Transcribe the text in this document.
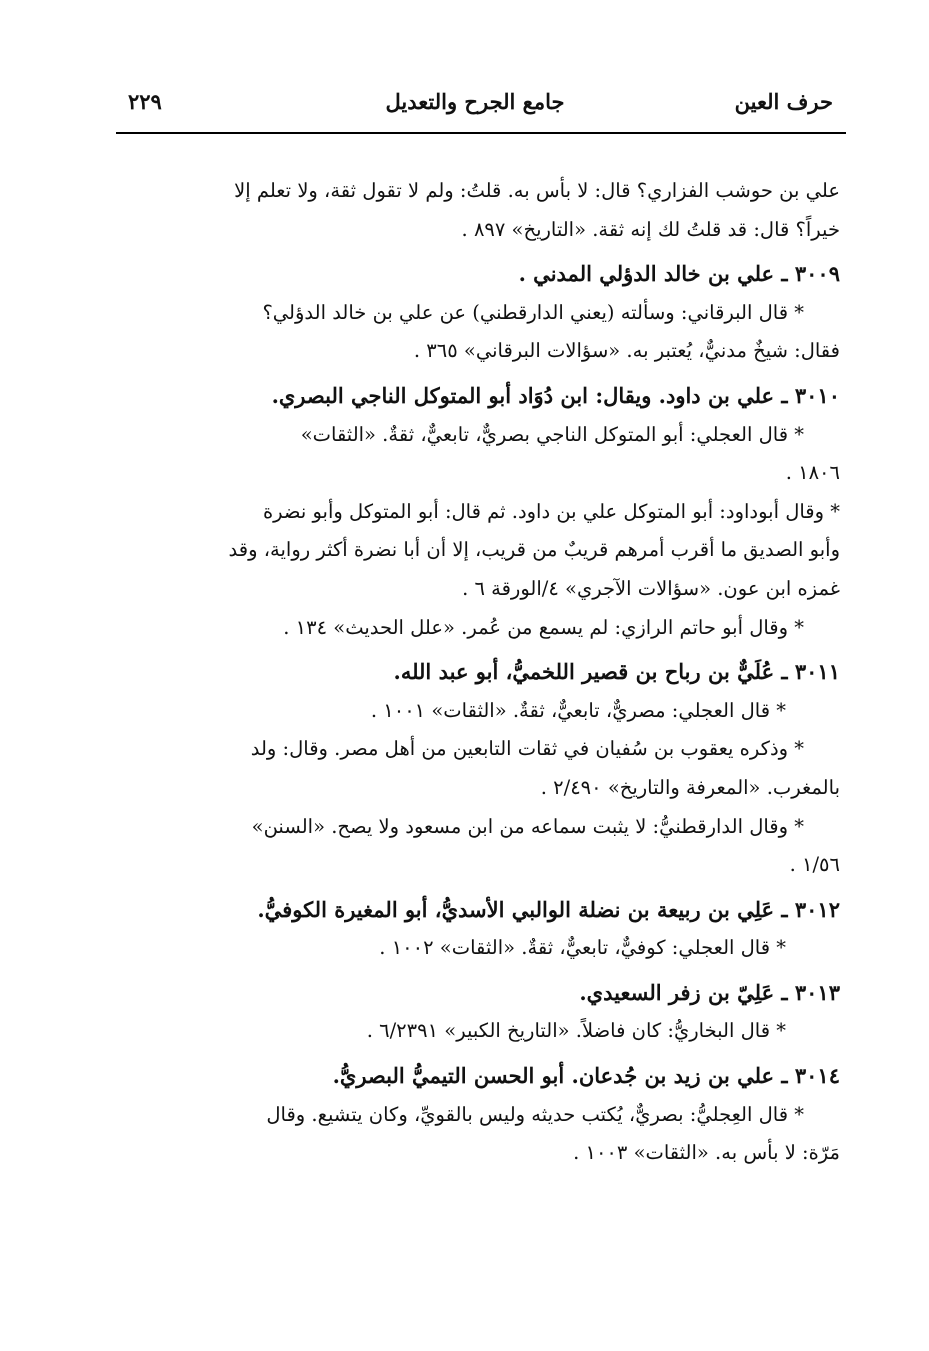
حرف العين
جامع الجرح والتعديل
٢٢٩
علي بن حوشب الفزاري؟ قال: لا بأس به. قلتُ: ولم لا تقول ثقة، ولا تعلم إلا
خيراً؟ قال: قد قلتُ لك إنه ثقة. «التاريخ» ٨٩٧ .
٣٠٠٩ ـ علي بن خالد الدؤلي المدني .
* قال البرقاني: وسألته (يعني الدارقطني) عن علي بن خالد الدؤلي؟
فقال: شيخٌ مدنيٌّ، يُعتبر به. «سؤالات البرقاني» ٣٦٥ .
٣٠١٠ ـ علي بن داود. ويقال: ابن دُوَاد أبو المتوكل الناجي البصري.
* قال العجلي: أبو المتوكل الناجي بصريٌّ، تابعيٌّ، ثقةٌ. «الثقات»
١٨٠٦ .
* وقال أبوداود: أبو المتوكل علي بن داود. ثم قال: أبو المتوكل وأبو نضرة
وأبو الصديق ما أقرب أمرهم قريبٌ من قريب، إلا أن أبا نضرة أكثر رواية، وقد
غمزه ابن عون. «سؤالات الآجري» ٤/الورقة ٦ .
* وقال أبو حاتم الرازي: لم يسمع من عُمر. «علل الحديث» ١٣٤ .
٣٠١١ ـ عُلَيٌّ بن رباح بن قصير اللخميُّ، أبو عبد الله.
* قال العجلي: مصريٌّ، تابعيٌّ، ثقةٌ. «الثقات» ١٠٠١ .
* وذكره يعقوب بن سُفيان في ثقات التابعين من أهل مصر. وقال: ولد
بالمغرب. «المعرفة والتاريخ» ٢/٤٩٠ .
* وقال الدارقطنيُّ: لا يثبت سماعه من ابن مسعود ولا يصح. «السنن»
١/٥٦ .
٣٠١٢ ـ عَلِي بن ربيعة بن نضلة الوالبي الأسديُّ، أبو المغيرة الكوفيُّ.
* قال العجلي: كوفيٌّ، تابعيٌّ، ثقةٌ. «الثقات» ١٠٠٢ .
٣٠١٣ ـ عَلِيّ بن زفر السعيدي.
* قال البخاريُّ: كان فاضلاً. «التاريخ الكبير» ٦/٢٣٩١ .
٣٠١٤ ـ علي بن زيد بن جُدعان. أبو الحسن التيميُّ البصريُّ.
* قال العِجليُّ: بصريٌّ، يُكتب حديثه وليس بالقويِّ، وكان يتشيع. وقال
مَرّة: لا بأس به. «الثقات» ١٠٠٣ .
